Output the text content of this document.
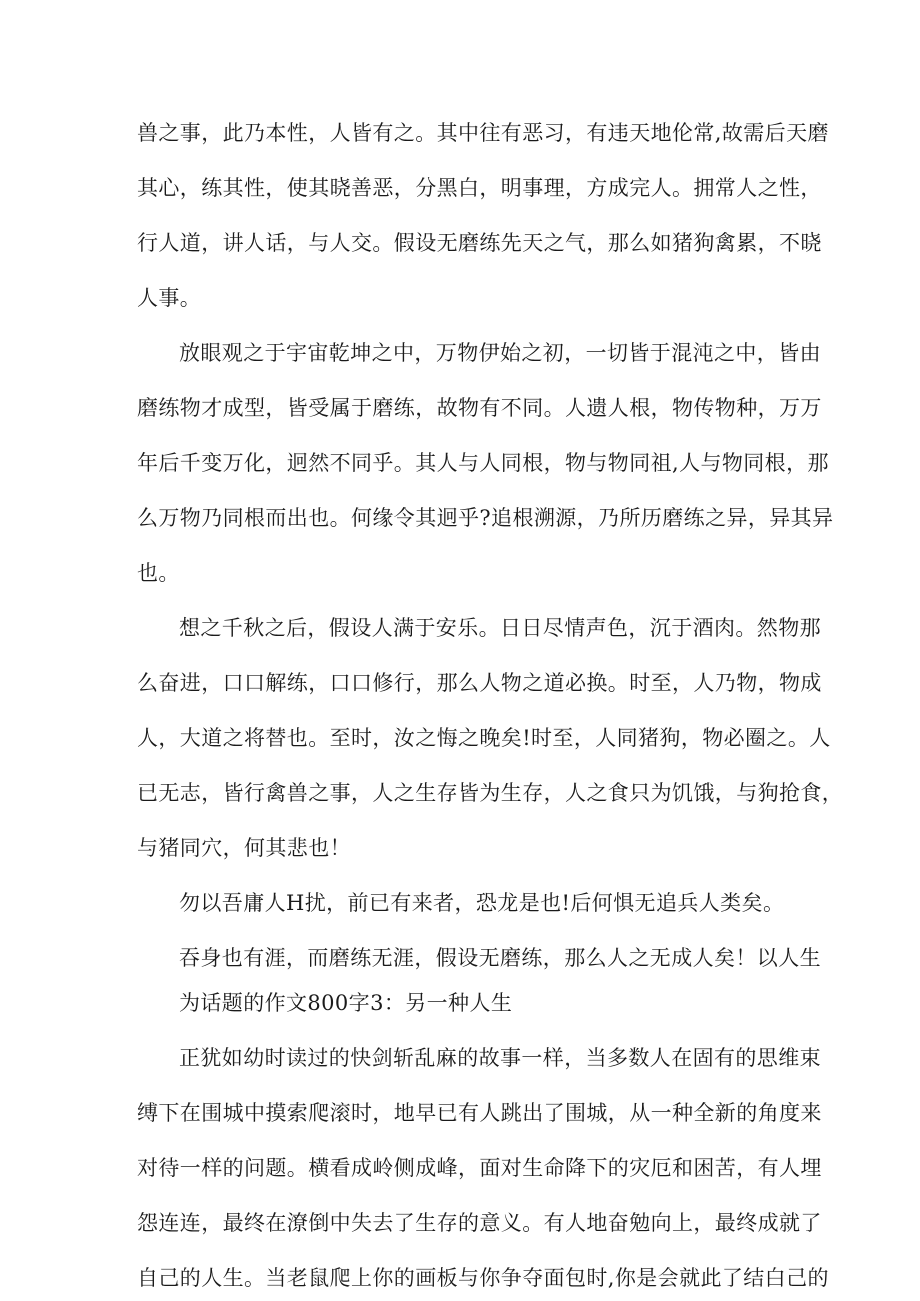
兽之事，此乃本性，人皆有之。其中往有恶习，有违天地伦常,故需后天磨
其心，练其性，使其晓善恶，分黑白，明事理，方成完人。拥常人之性，
行人道，讲人话，与人交。假设无磨练先天之气，那么如猪狗禽累，不晓
人事。
放眼观之于宇宙乾坤之中，万物伊始之初，一切皆于混沌之中，皆由
磨练物才成型，皆受属于磨练，故物有不同。人遗人根，物传物种，万万
年后千变万化，迥然不同乎。其人与人同根，物与物同祖,人与物同根，那
么万物乃同根而出也。何缘令其迥乎?追根溯源，乃所历磨练之异，异其异
也。
想之千秋之后，假设人满于安乐。日日尽情声色，沉于酒肉。然物那
么奋进，口口解练，口口修行，那么人物之道必换。时至，人乃物，物成
人，大道之将替也。至时，汝之悔之晚矣!时至，人同猪狗，物必圈之。人
已无志，皆行禽兽之事，人之生存皆为生存，人之食只为饥饿，与狗抢食，
与猪同穴，何其悲也！
勿以吾庸人H扰，前已有来者，恐龙是也!后何惧无追兵人类矣。
吞身也有涯，而磨练无涯，假设无磨练，那么人之无成人矣！以人生
为话题的作文800字3：另一种人生
正犹如幼时读过的快剑斩乱麻的故事一样，当多数人在固有的思维束
缚下在围城中摸索爬滚时，地早已有人跳出了围城，从一种全新的角度来
对待一样的问题。横看成岭侧成峰，面对生命降下的灾厄和困苦，有人埋
怨连连，最终在潦倒中失去了生存的意义。有人地奋勉向上，最终成就了
自己的人生。当老鼠爬上你的画板与你争夺面包时,你是会就此了结白己的
